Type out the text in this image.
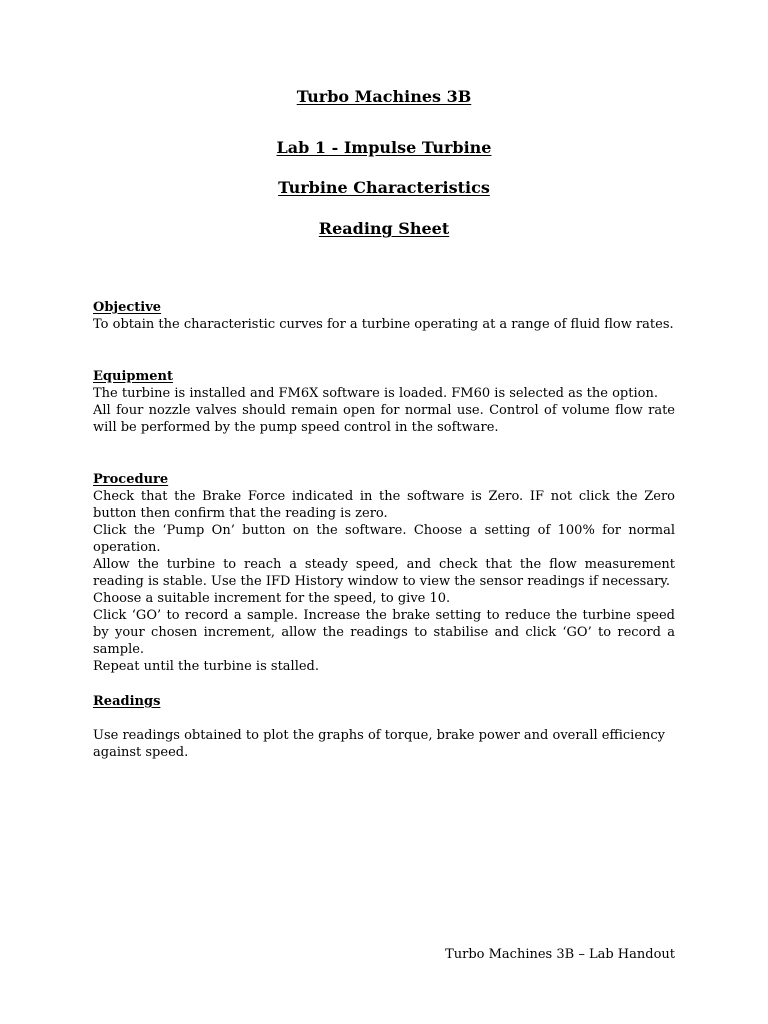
Turbo Machines 3B
Lab 1 - Impulse Turbine
Turbine Characteristics
Reading Sheet

Objective

To obtain the characteristic curves for a turbine operating at a range of fluid flow rates.

Equipment

The turbine is installed and FM6X software is loaded. FM60 is selected as the option.

All four nozzle valves should remain open for normal use. Control of volume flow rate will be performed by the pump speed control in the software.

Procedure

Check that the Brake Force indicated in the software is Zero. IF not click the Zero button then confirm that the reading is zero.

Click the ‘Pump On’ button on the software. Choose a setting of 100% for normal operation.

Allow the turbine to reach a steady speed, and check that the flow measurement reading is stable. Use the IFD History window to view the sensor readings if necessary.

Choose a suitable increment for the speed, to give 10.

Click ‘GO’ to record a sample. Increase the brake setting to reduce the turbine speed by your chosen increment, allow the readings to stabilise and click ‘GO’ to record a sample.

Repeat until the turbine is stalled.

Readings

Use readings obtained to plot the graphs of torque, brake power and overall efficiency against speed.

Turbo Machines 3B – Lab Handout
